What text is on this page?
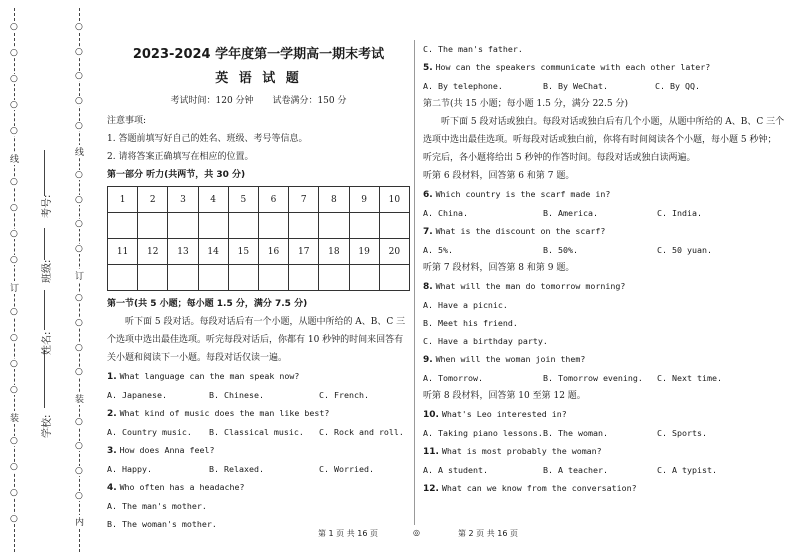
○
○
○
○
○
线
○
○
○
○
订
○
○
○
○
装
○
○
○
○
○
○
○
○
○
线
○
○
○
○
订
○
○
○
○
装
○
○
○
○
内
学校:
姓名:
班级:
考号:
2023-2024 学年度第一学期高一期末考试
英 语 试 题
考试时间：120 分钟 试卷满分：150 分
注意事项:
1. 答题前填写好自己的姓名、班级、考号等信息。
2. 请将答案正确填写在相应的位置。
第一部分 听力(共两节，共 30 分)
1	2	3	4	5	6	7	8	9	10

11	12	13	14	15	16	17	18	19	20

第一节(共 5 小题；每小题 1.5 分，满分 7.5 分)
听下面 5 段对话。每段对话后有一个小题，从题中所给的 A、B、C 三个选项中选出最佳选项。听完每段对话后，你都有 10 秒钟的时间来回答有关小题和阅读下一小题。每段对话仅读一遍。
1. What language can the man speak now?
A. Japanese.	B. Chinese.	C. French.
2. What kind of music does the man like best?
A. Country music.	B. Classical music.	C. Rock and roll.
3. How does Anna feel?
A. Happy.	B. Relaxed.	C. Worried.
4. Who often has a headache?
A. The man's mother.
B. The woman's mother.
C. The man's father.
5. How can the speakers communicate with each other later?
A. By telephone.	B. By WeChat.	C. By QQ.
第二节(共 15 小题；每小题 1.5 分，满分 22.5 分)
听下面 5 段对话或独白。每段对话或独白后有几个小题，从题中所给的 A、B、C 三个选项中选出最佳选项。听每段对话或独白前，你将有时间阅读各个小题，每小题 5 秒钟；听完后，各小题将给出 5 秒钟的作答时间。每段对话或独白读两遍。
听第 6 段材料，回答第 6 和第 7 题。
6. Which country is the scarf made in?
A. China.	B. America.	C. India.
7. What is the discount on the scarf?
A. 5%.	B. 50%.	C. 50 yuan.
听第 7 段材料，回答第 8 和第 9 题。
8. What will the man do tomorrow morning?
A. Have a picnic.
B. Meet his friend.
C. Have a birthday party.
9. When will the woman join them?
A. Tomorrow.	B. Tomorrow evening.	C. Next time.
听第 8 段材料，回答第 10 至第 12 题。
10. What's Leo interested in?
A. Taking piano lessons. B. The woman.	C. Sports.
11. What is most probably the woman?
A. A student.	B. A teacher.	C. A typist.
12. What can we know from the conversation?
第 1 页 共 16 页	◎	第 2 页 共 16 页
